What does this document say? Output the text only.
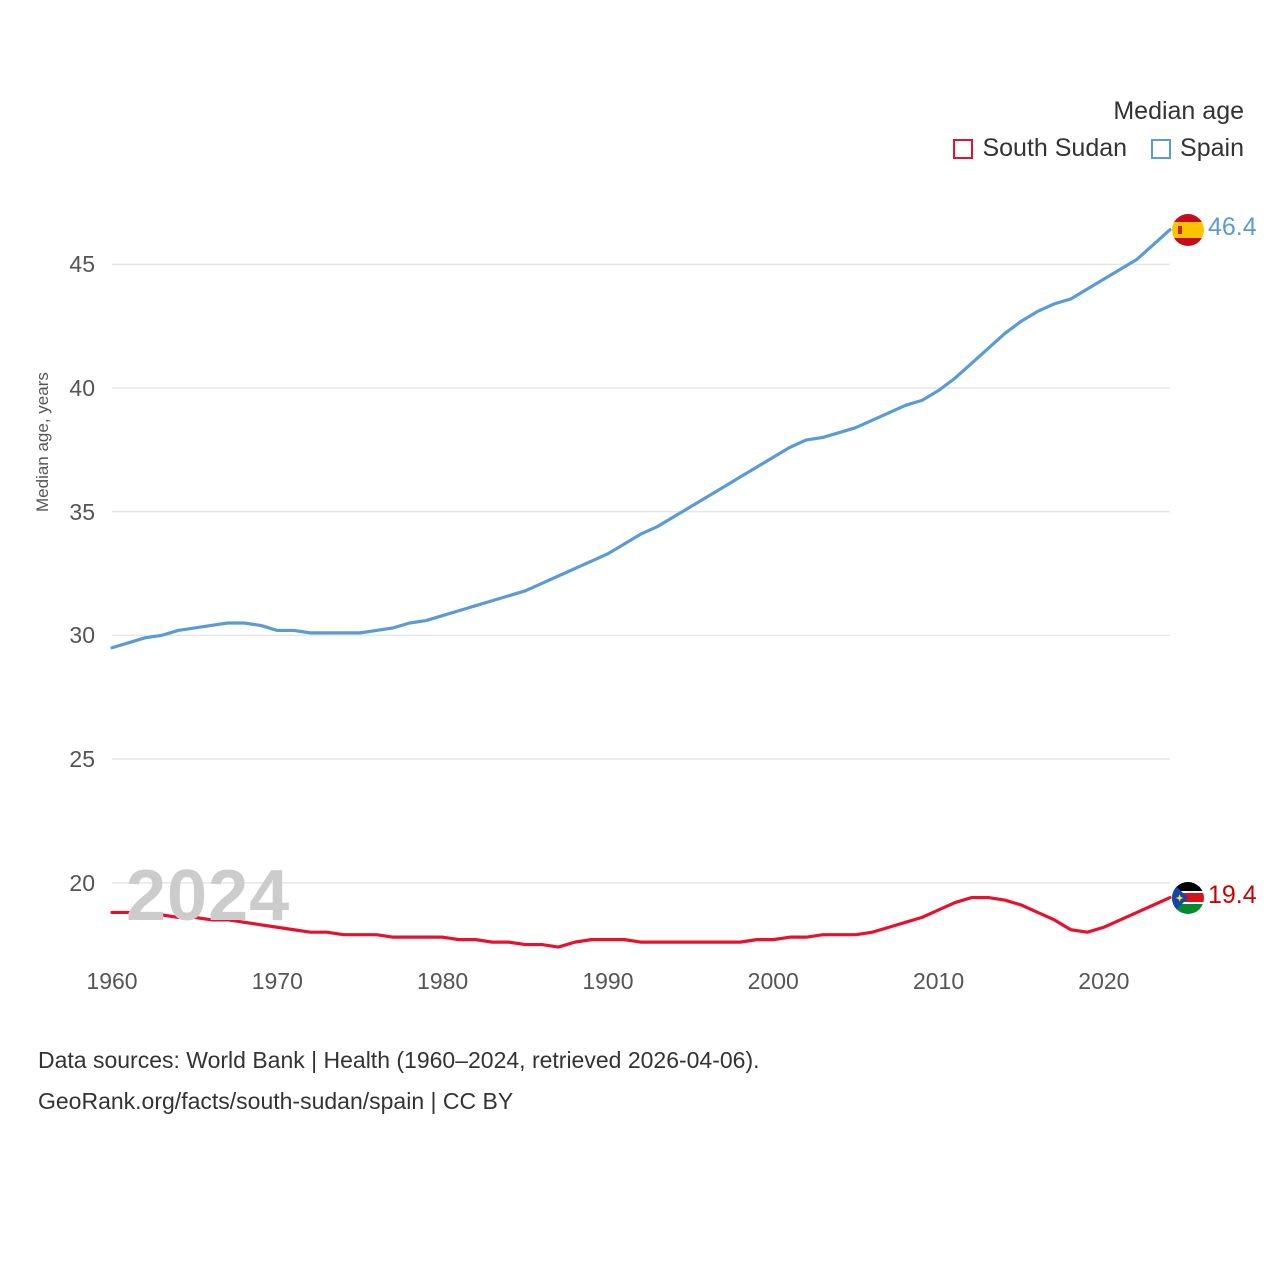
Median age, years
2024
20
25
30
35
40
45
1960	1970	1980	1990	2000	2010	2020
Median age
South Sudan Spain
46.4
19.4
Data sources: World Bank | Health (1960–2024, retrieved 2026-04-06).
GeoRank.org/facts/south-sudan/spain | CC BY
